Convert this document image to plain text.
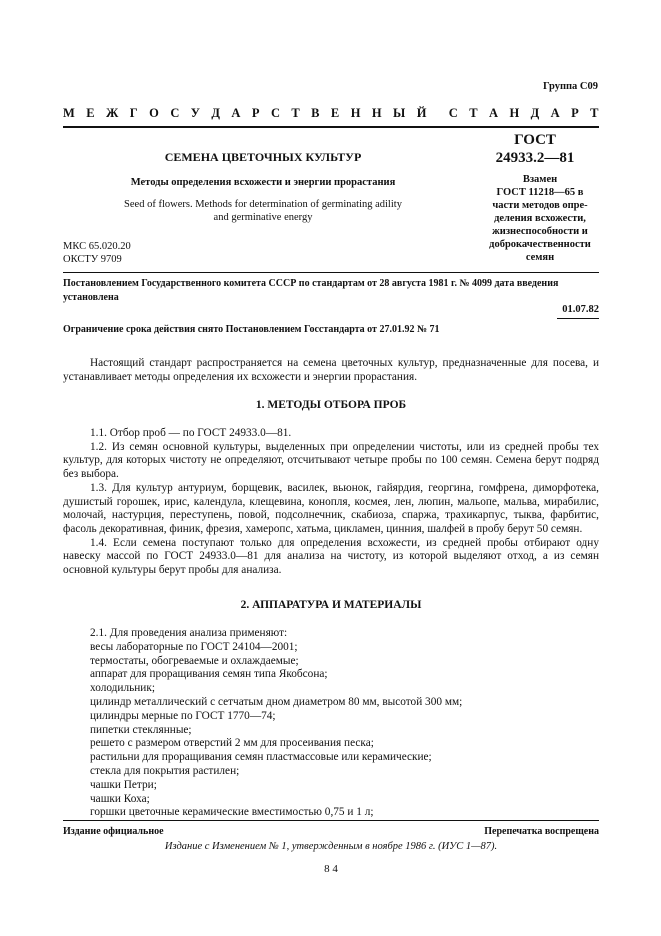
Группа С09
М Е Ж Г О С У Д А Р С Т В Е Н Н Ы Й С Т А Н Д А Р Т
СЕМЕНА ЦВЕТОЧНЫХ КУЛЬТУР
Методы определения всхожести и энергии прорастания
Seed of flowers. Methods for determination of germinating adility
and germinative energy
МКС 65.020.20
ОКСТУ 9709
ГОСТ
24933.2—81
Взамен
ГОСТ 11218—65 в
части методов опре-
деления всхожести,
жизнеспособности и
доброкачественности
семян
Постановлением Государственного комитета СССР по стандартам от 28 августа 1981 г. № 4099 дата введения установлена
01.07.82
Ограничение срока действия снято Постановлением Госстандарта от 27.01.92 № 71

Настоящий стандарт распространяется на семена цветочных культур, предназначенные для посева, и устанавливает методы определения их всхожести и энергии прорастания.

1. МЕТОДЫ ОТБОРА ПРОБ

1.1. Отбор проб — по ГОСТ 24933.0—81.

1.2. Из семян основной культуры, выделенных при определении чистоты, или из средней пробы тех культур, для которых чистоту не определяют, отсчитывают четыре пробы по 100 семян. Семена берут подряд без выбора.

1.3. Для культур антуриум, борщевик, василек, вьюнок, гайярдия, георгина, гомфрена, диморфотека, душистый горошек, ирис, календула, клещевина, конопля, космея, лен, люпин, мальопе, мальва, мирабилис, молочай, настурция, переступень, повой, подсолнечник, скабиоза, спаржа, трахикарпус, тыква, фарбитис, фасоль декоративная, финик, фрезия, хамеропс, хатьма, цикламен, цинния, шалфей в пробу берут 50 семян.

1.4. Если семена поступают только для определения всхожести, из средней пробы отбирают одну навеску массой по ГОСТ 24933.0—81 для анализа на чистоту, из которой выделяют отход, а из семян основной культуры берут пробы для анализа.

2. АППАРАТУРА И МАТЕРИАЛЫ
2.1. Для проведения анализа применяют:
весы лабораторные по ГОСТ 24104—2001;
термостаты, обогреваемые и охлаждаемые;
аппарат для проращивания семян типа Якобсона;
холодильник;
цилиндр металлический с сетчатым дном диаметром 80 мм, высотой 300 мм;
цилиндры мерные по ГОСТ 1770—74;
пипетки стеклянные;
решето с размером отверстий 2 мм для просеивания песка;
растильни для проращивания семян пластмассовые или керамические;
стекла для покрытия растилен;
чашки Петри;
чашки Коха;
горшки цветочные керамические вместимостью 0,75 и 1 л;
Издание официальное	Перепечатка воспрещена
Издание с Изменением № 1, утвержденным в ноябре 1986 г. (ИУС 1—87).
8 4
